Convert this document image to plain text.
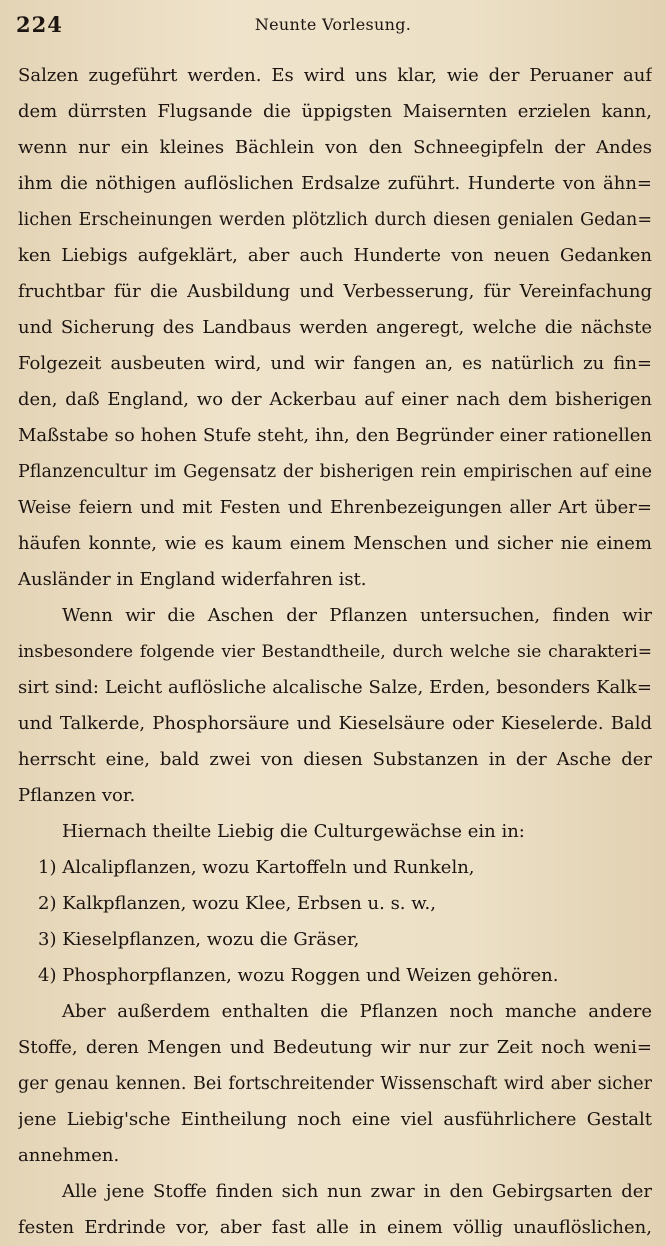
224	Neunte Vorlesung.
Salzen zugeführt werden. Es wird uns klar, wie der Peruaner auf
dem dürrsten Flugsande die üppigsten Maisernten erzielen kann,
wenn nur ein kleines Bächlein von den Schneegipfeln der Andes
ihm die nöthigen auflöslichen Erdsalze zuführt. Hunderte von ähn=
lichen Erscheinungen werden plötzlich durch diesen genialen Gedan=
ken Liebigs aufgeklärt, aber auch Hunderte von neuen Gedanken
fruchtbar für die Ausbildung und Verbesserung, für Vereinfachung
und Sicherung des Landbaus werden angeregt, welche die nächste
Folgezeit ausbeuten wird, und wir fangen an, es natürlich zu fin=
den, daß England, wo der Ackerbau auf einer nach dem bisherigen
Maßstabe so hohen Stufe steht, ihn, den Begründer einer rationellen
Pflanzencultur im Gegensatz der bisherigen rein empirischen auf eine
Weise feiern und mit Festen und Ehrenbezeigungen aller Art über=
häufen konnte, wie es kaum einem Menschen und sicher nie einem
Ausländer in England widerfahren ist.
Wenn wir die Aschen der Pflanzen untersuchen, finden wir
insbesondere folgende vier Bestandtheile, durch welche sie charakteri=
sirt sind: Leicht auflösliche alcalische Salze, Erden, besonders Kalk=
und Talkerde, Phosphorsäure und Kieselsäure oder Kieselerde. Bald
herrscht eine, bald zwei von diesen Substanzen in der Asche der
Pflanzen vor.
Hiernach theilte Liebig die Culturgewächse ein in:
1) Alcalipflanzen, wozu Kartoffeln und Runkeln,
2) Kalkpflanzen, wozu Klee, Erbsen u. s. w.,
3) Kieselpflanzen, wozu die Gräser,
4) Phosphorpflanzen, wozu Roggen und Weizen gehören.
Aber außerdem enthalten die Pflanzen noch manche andere
Stoffe, deren Mengen und Bedeutung wir nur zur Zeit noch weni=
ger genau kennen. Bei fortschreitender Wissenschaft wird aber sicher
jene Liebig'sche Eintheilung noch eine viel ausführlichere Gestalt
annehmen.
Alle jene Stoffe finden sich nun zwar in den Gebirgsarten der
festen Erdrinde vor, aber fast alle in einem völlig unauflöslichen,
